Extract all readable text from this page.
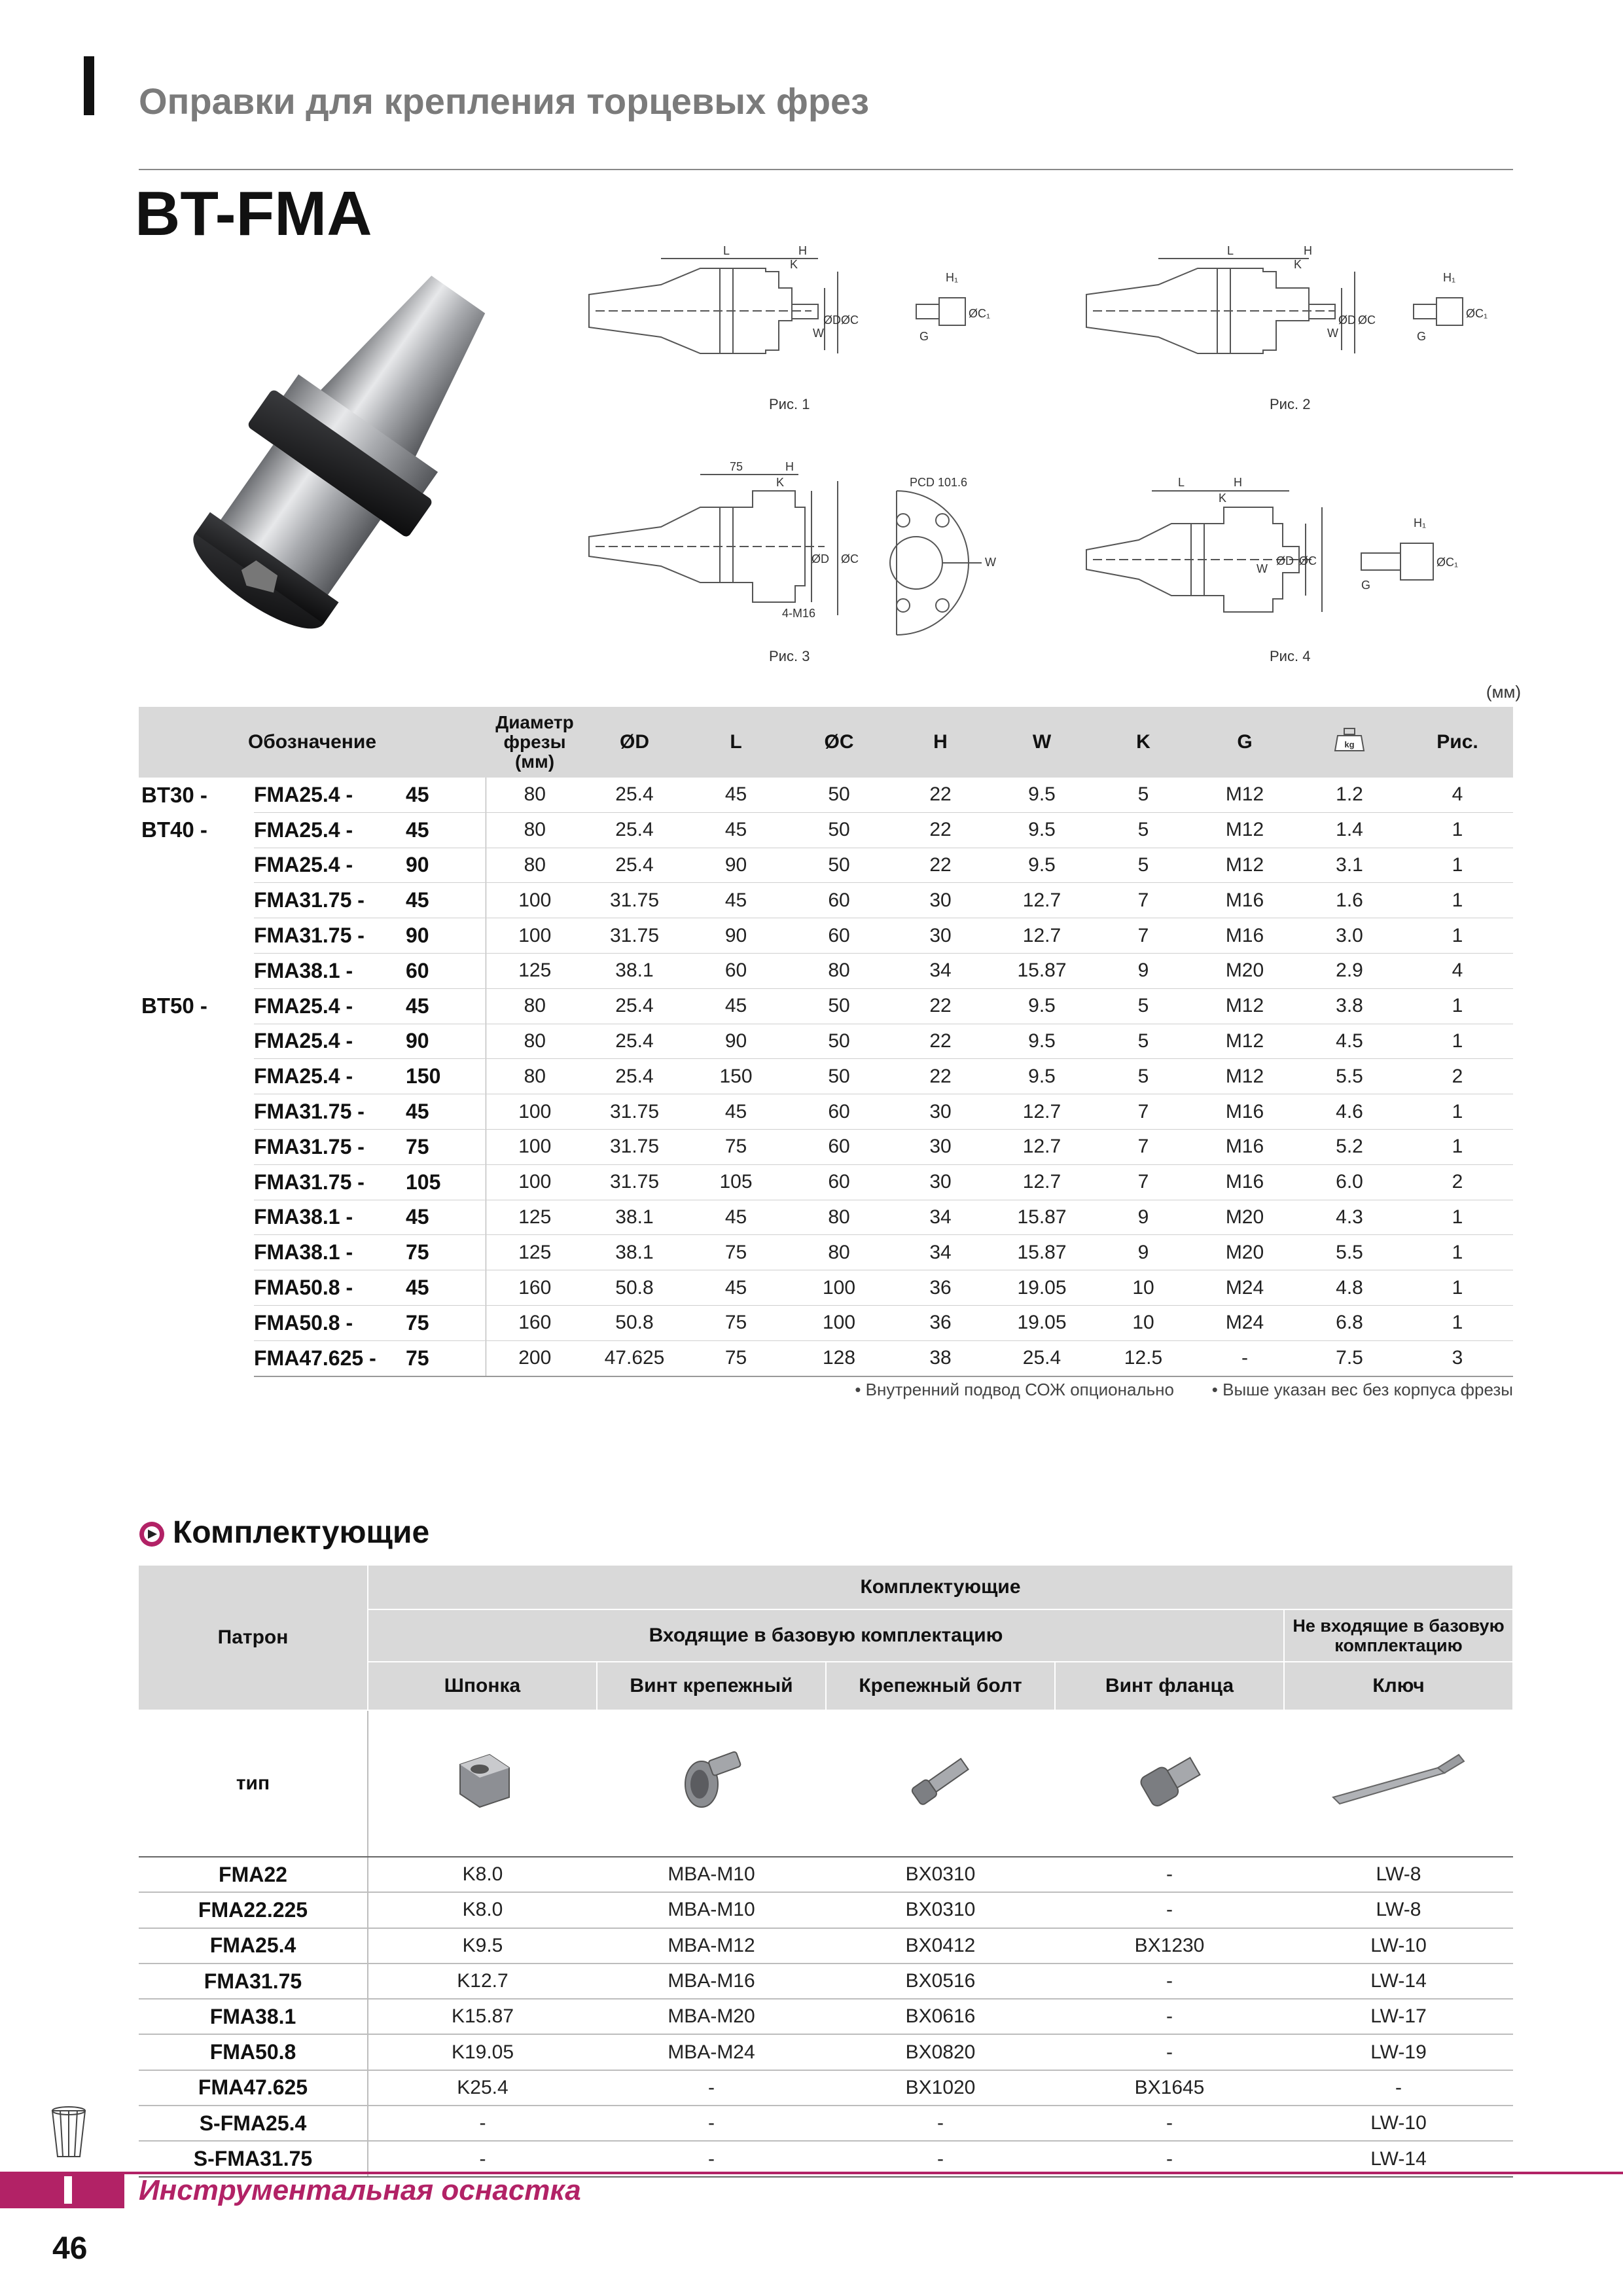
Оправки для крепления торцевых фрез
BT-FMA
L	H
K
W
ØD ØC
H₁
ØC₁
G
Рис. 1
L	H
K
W
ØD ØC
H₁
ØC₁
G
Рис. 2
75	H
K
ØD ØC	W
4-M16
PCD 101.6
Рис. 3
L	H
K
W
ØD ØC
H₁
ØC₁
G
Рис. 4
(мм)
Обозначение			Диаметр
фрезы
(мм)	ØD	L	ØC	H	W	K	G	kg	Рис.
BT30 -	FMA25.4 -	45	80	25.4	45	50	22	9.5	5	M12	1.2	4
BT40 -	FMA25.4 -	45	80	25.4	45	50	22	9.5	5	M12	1.4	1
	FMA25.4 -	90	80	25.4	90	50	22	9.5	5	M12	3.1	1
	FMA31.75 -	45	100	31.75	45	60	30	12.7	7	M16	1.6	1
	FMA31.75 -	90	100	31.75	90	60	30	12.7	7	M16	3.0	1
	FMA38.1 -	60	125	38.1	60	80	34	15.87	9	M20	2.9	4
BT50 -	FMA25.4 -	45	80	25.4	45	50	22	9.5	5	M12	3.8	1
	FMA25.4 -	90	80	25.4	90	50	22	9.5	5	M12	4.5	1
	FMA25.4 -	150	80	25.4	150	50	22	9.5	5	M12	5.5	2
	FMA31.75 -	45	100	31.75	45	60	30	12.7	7	M16	4.6	1
	FMA31.75 -	75	100	31.75	75	60	30	12.7	7	M16	5.2	1
	FMA31.75 -	105	100	31.75	105	60	30	12.7	7	M16	6.0	2
	FMA38.1 -	45	125	38.1	45	80	34	15.87	9	M20	4.3	1
	FMA38.1 -	75	125	38.1	75	80	34	15.87	9	M20	5.5	1
	FMA50.8 -	45	160	50.8	45	100	36	19.05	10	M24	4.8	1
	FMA50.8 -	75	160	50.8	75	100	36	19.05	10	M24	6.8	1
	FMA47.625 -	75	200	47.625	75	128	38	25.4	12.5	-	7.5	3
• Внутренний подвод СОЖ опционально • Выше указан вес без корпуса фрезы
Комплектующие
Патрон	Комплектующие				
	Входящие в базовую комплектацию				Не входящие в базовую комплектацию
	Шпонка	Винт крепежный	Крепежный болт	Винт фланца	Ключ
тип					
FMA22	K8.0	MBA-M10	BX0310	-	LW-8
FMA22.225	K8.0	MBA-M10	BX0310	-	LW-8
FMA25.4	K9.5	MBA-M12	BX0412	BX1230	LW-10
FMA31.75	K12.7	MBA-M16	BX0516	-	LW-14
FMA38.1	K15.87	MBA-M20	BX0616	-	LW-17
FMA50.8	K19.05	MBA-M24	BX0820	-	LW-19
FMA47.625	K25.4	-	BX1020	BX1645	-
S-FMA25.4	-	-	-	-	LW-10
S-FMA31.75	-	-	-	-	LW-14
Инструментальная оснастка
46
